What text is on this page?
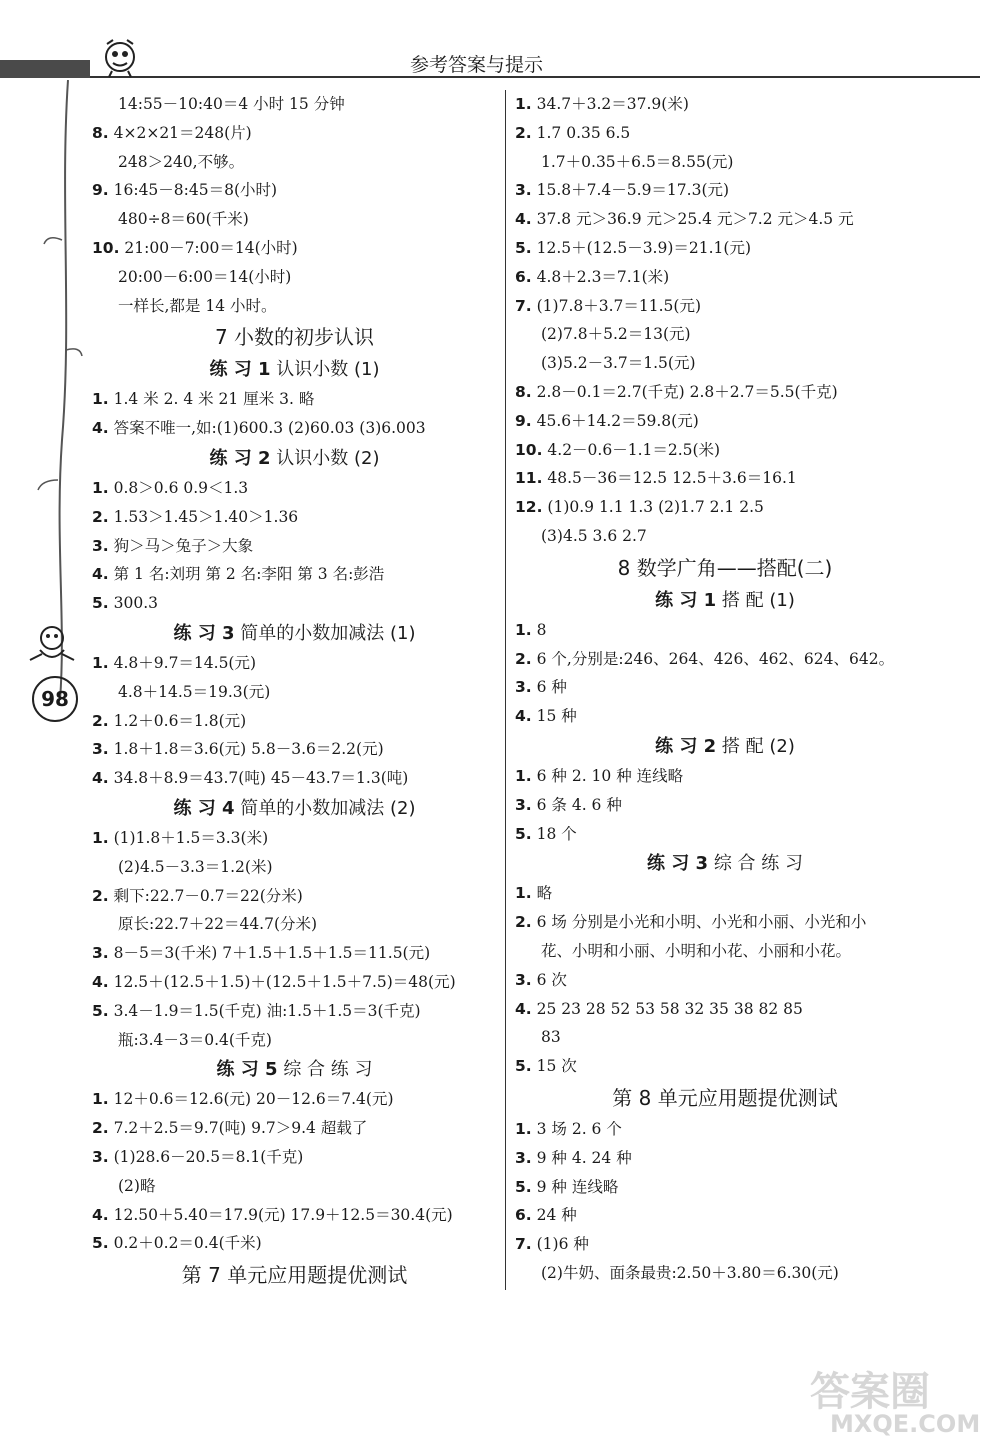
参考答案与提示
98
14:55－10:40＝4 小时 15 分钟
8. 4×2×21＝248(片)
248＞240,不够。
9. 16:45－8:45＝8(小时)
480÷8＝60(千米)
10. 21:00－7:00＝14(小时)
20:00－6:00＝14(小时)
一样长,都是 14 小时。
7 小数的初步认识
练 习 1 认识小数 (1)
1. 1.4 米 2. 4 米 21 厘米 3. 略
4. 答案不唯一,如:(1)600.3 (2)60.03 (3)6.003
练 习 2 认识小数 (2)
1. 0.8＞0.6 0.9＜1.3
2. 1.53＞1.45＞1.40＞1.36
3. 狗＞马＞兔子＞大象
4. 第 1 名:刘玥 第 2 名:李阳 第 3 名:彭浩
5. 300.3
练 习 3 简单的小数加减法 (1)
1. 4.8＋9.7＝14.5(元)
4.8＋14.5＝19.3(元)
2. 1.2＋0.6＝1.8(元)
3. 1.8＋1.8＝3.6(元) 5.8－3.6＝2.2(元)
4. 34.8＋8.9＝43.7(吨) 45－43.7＝1.3(吨)
练 习 4 简单的小数加减法 (2)
1. (1)1.8＋1.5＝3.3(米)
(2)4.5－3.3＝1.2(米)
2. 剩下:22.7－0.7＝22(分米)
原长:22.7＋22＝44.7(分米)
3. 8－5＝3(千米) 7＋1.5＋1.5＋1.5＝11.5(元)
4. 12.5＋(12.5＋1.5)＋(12.5＋1.5＋7.5)＝48(元)
5. 3.4－1.9＝1.5(千克) 油:1.5＋1.5＝3(千克)
瓶:3.4－3＝0.4(千克)
练 习 5 综 合 练 习
1. 12＋0.6＝12.6(元) 20－12.6＝7.4(元)
2. 7.2＋2.5＝9.7(吨) 9.7＞9.4 超载了
3. (1)28.6－20.5＝8.1(千克)
(2)略
4. 12.50＋5.40＝17.9(元) 17.9＋12.5＝30.4(元)
5. 0.2＋0.2＝0.4(千米)
第 7 单元应用题提优测试
1. 34.7＋3.2＝37.9(米)
2. 1.7 0.35 6.5
1.7＋0.35＋6.5＝8.55(元)
3. 15.8＋7.4－5.9＝17.3(元)
4. 37.8 元＞36.9 元＞25.4 元＞7.2 元＞4.5 元
5. 12.5＋(12.5－3.9)＝21.1(元)
6. 4.8＋2.3＝7.1(米)
7. (1)7.8＋3.7＝11.5(元)
(2)7.8＋5.2＝13(元)
(3)5.2－3.7＝1.5(元)
8. 2.8－0.1＝2.7(千克) 2.8＋2.7＝5.5(千克)
9. 45.6＋14.2＝59.8(元)
10. 4.2－0.6－1.1＝2.5(米)
11. 48.5－36＝12.5 12.5＋3.6＝16.1
12. (1)0.9 1.1 1.3 (2)1.7 2.1 2.5
(3)4.5 3.6 2.7
8 数学广角——搭配(二)
练 习 1 搭 配 (1)
1. 8
2. 6 个,分别是:246、264、426、462、624、642。
3. 6 种
4. 15 种
练 习 2 搭 配 (2)
1. 6 种 2. 10 种 连线略
3. 6 条 4. 6 种
5. 18 个
练 习 3 综 合 练 习
1. 略
2. 6 场 分别是小光和小明、小光和小丽、小光和小
花、小明和小丽、小明和小花、小丽和小花。
3. 6 次
4. 25 23 28 52 53 58 32 35 38 82 85
83
5. 15 次
第 8 单元应用题提优测试
1. 3 场 2. 6 个
3. 9 种 4. 24 种
5. 9 种 连线略
6. 24 种
7. (1)6 种
(2)牛奶、面条最贵:2.50＋3.80＝6.30(元)
答案圈
MXQE.COM
